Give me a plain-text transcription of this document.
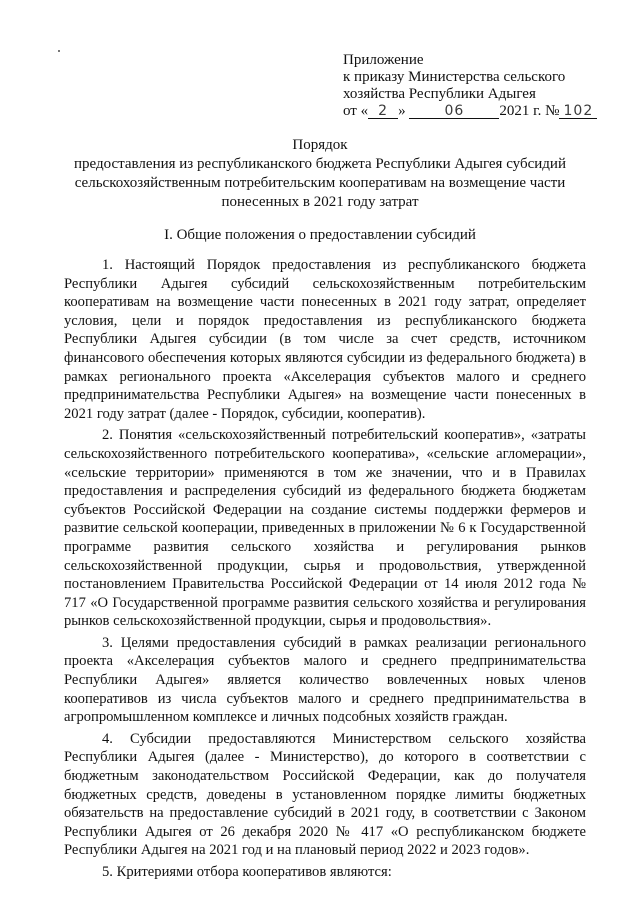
Приложение
к приказу Министерства сельского
хозяйства Республики Адыгея
от « 2 »	06 2021 г. № 102
Порядок
предоставления из республиканского бюджета Республики Адыгея субсидий сельскохозяйственным потребительским кооперативам на возмещение части понесенных в 2021 году затрат
I. Общие положения о предоставлении субсидий

1. Настоящий Порядок предоставления из республиканского бюджета Республики Адыгея субсидий сельскохозяйственным потребительским кооперативам на возмещение части понесенных в 2021 году затрат, определяет условия, цели и порядок предоставления из республиканского бюджета Республики Адыгея субсидии (в том числе за счет средств, источником финансового обеспечения которых являются субсидии из федерального бюджета) в рамках регионального проекта «Акселерация субъектов малого и среднего предпринимательства Республики Адыгея» на возмещение части понесенных в 2021 году затрат (далее - Порядок, субсидии, кооператив).

2. Понятия «сельскохозяйственный потребительский кооператив», «затраты сельскохозяйственного потребительского кооператива», «сельские агломерации», «сельские территории» применяются в том же значении, что и в Правилах предоставления и распределения субсидий из федерального бюджета бюджетам субъектов Российской Федерации на создание системы поддержки фермеров и развитие сельской кооперации, приведенных в приложении № 6 к Государственной программе развития сельского хозяйства и регулирования рынков сельскохозяйственной продукции, сырья и продовольствия, утвержденной постановлением Правительства Российской Федерации от 14 июля 2012 года № 717 «О Государственной программе развития сельского хозяйства и регулирования рынков сельскохозяйственной продукции, сырья и продовольствия».

3. Целями предоставления субсидий в рамках реализации регионального проекта «Акселерация субъектов малого и среднего предпринимательства Республики Адыгея» является количество вовлеченных новых членов кооперативов из числа субъектов малого и среднего предпринимательства в агропромышленном комплексе и личных подсобных хозяйств граждан.

4. Субсидии предоставляются Министерством сельского хозяйства Республики Адыгея (далее - Министерство), до которого в соответствии с бюджетным законодательством Российской Федерации, как до получателя бюджетных средств, доведены в установленном порядке лимиты бюджетных обязательств на предоставление субсидий в 2021 году, в соответствии с Законом Республики Адыгея от 26 декабря 2020 № 417 «О республиканском бюджете Республики Адыгея на 2021 год и на плановый период 2022 и 2023 годов».

5. Критериями отбора кооперативов являются:
